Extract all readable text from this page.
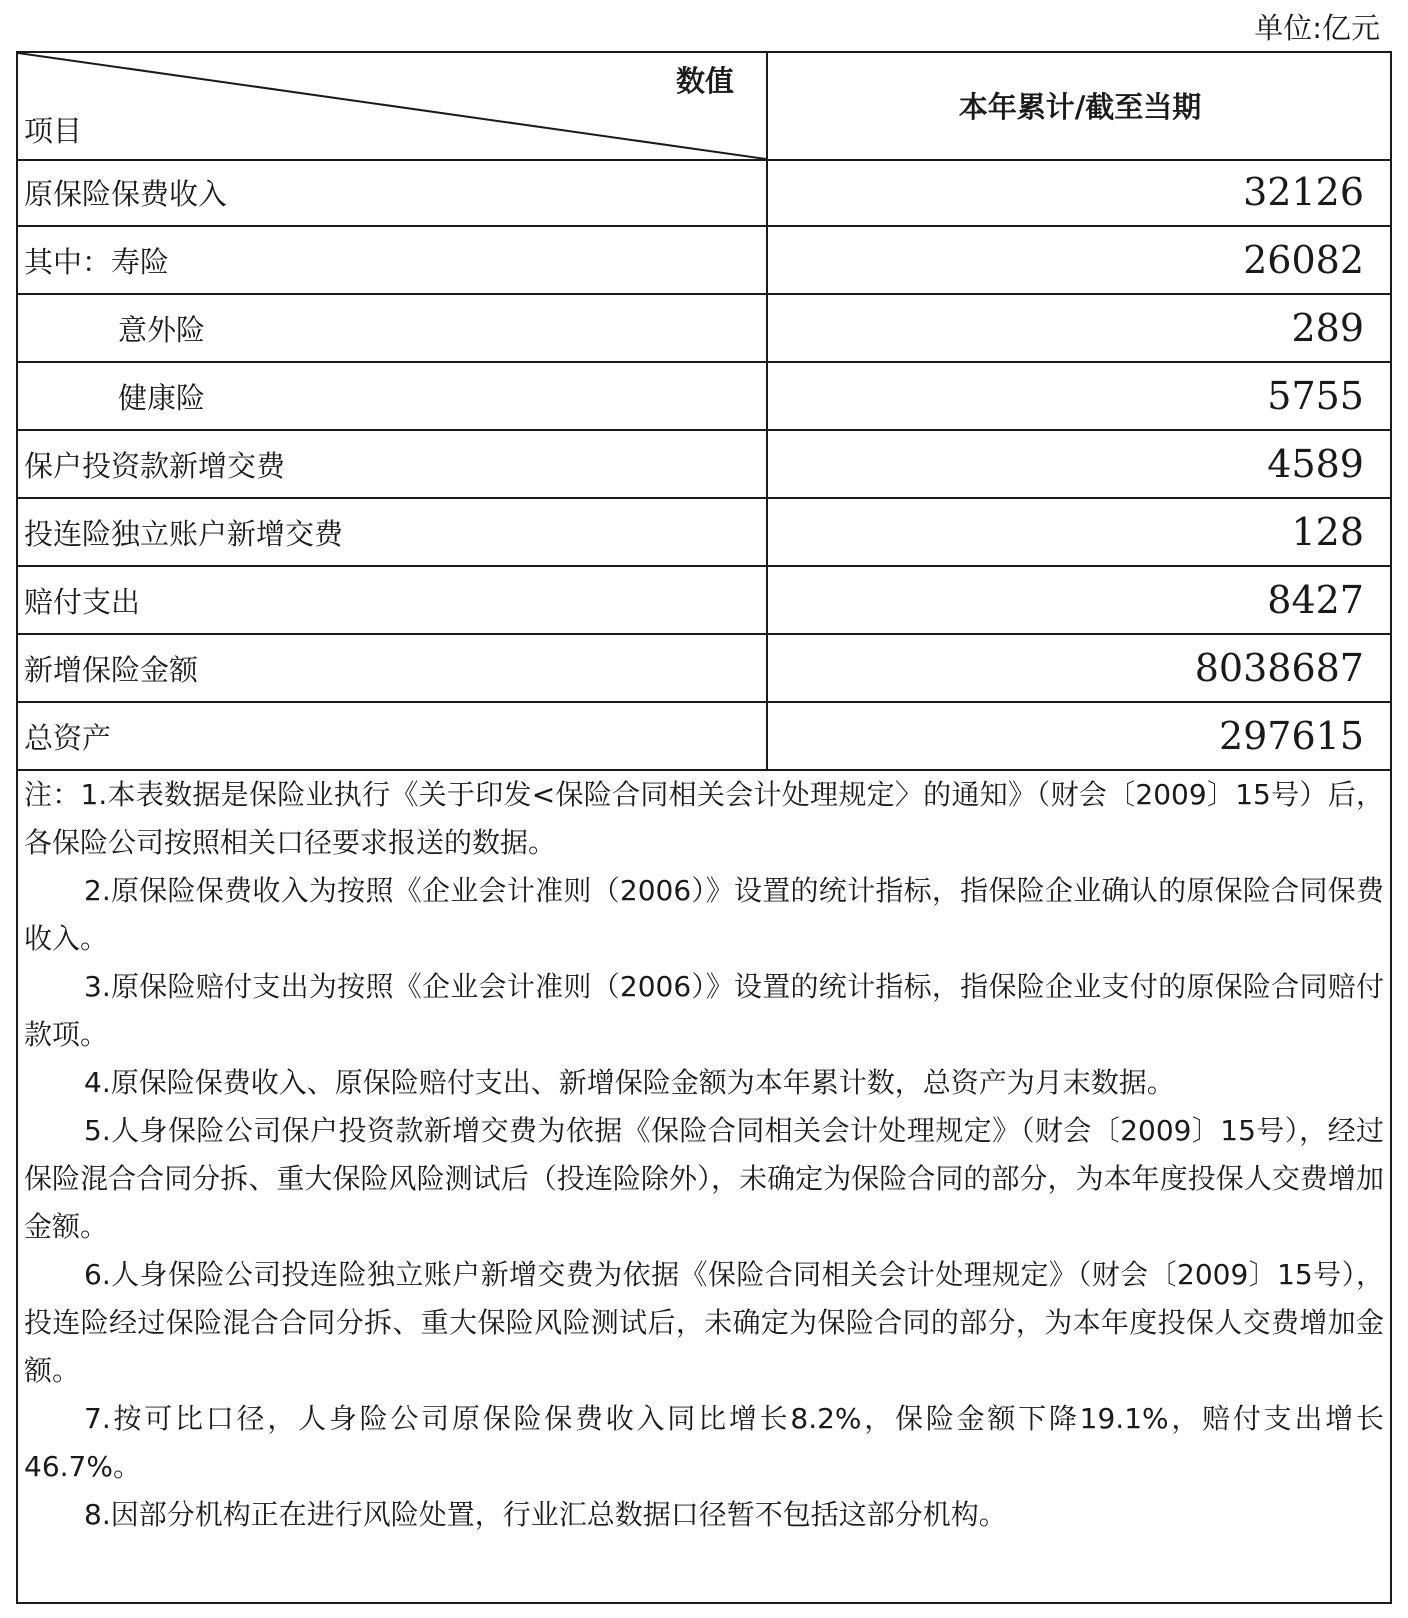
单位:亿元
数值
项目
本年累计/截至当期
原保险保费收入	32126
其中：寿险	26082
意外险	289
健康险	5755
保户投资款新增交费	4589
投连险独立账户新增交费	128
赔付支出	8427
新增保险金额	8038687
总资产	297615

注：1.本表数据是保险业执行《关于印发<保险合同相关会计处理规定〉的通知》（财会〔2009〕15号）后，各保险公司按照相关口径要求报送的数据。

2.原保险保费收入为按照《企业会计准则（2006）》设置的统计指标，指保险企业确认的原保险合同保费收入。

3.原保险赔付支出为按照《企业会计准则（2006）》设置的统计指标，指保险企业支付的原保险合同赔付款项。

4.原保险保费收入、原保险赔付支出、新增保险金额为本年累计数，总资产为月末数据。

5.人身保险公司保户投资款新增交费为依据《保险合同相关会计处理规定》（财会〔2009〕15号），经过保险混合合同分拆、重大保险风险测试后（投连险除外），未确定为保险合同的部分，为本年度投保人交费增加金额。

6.人身保险公司投连险独立账户新增交费为依据《保险合同相关会计处理规定》（财会〔2009〕15号），投连险经过保险混合合同分拆、重大保险风险测试后，未确定为保险合同的部分，为本年度投保人交费增加金额。

7.按可比口径，人身险公司原保险保费收入同比增长8.2%，保险金额下降19.1%，赔付支出增长46.7%。

8.因部分机构正在进行风险处置，行业汇总数据口径暂不包括这部分机构。
